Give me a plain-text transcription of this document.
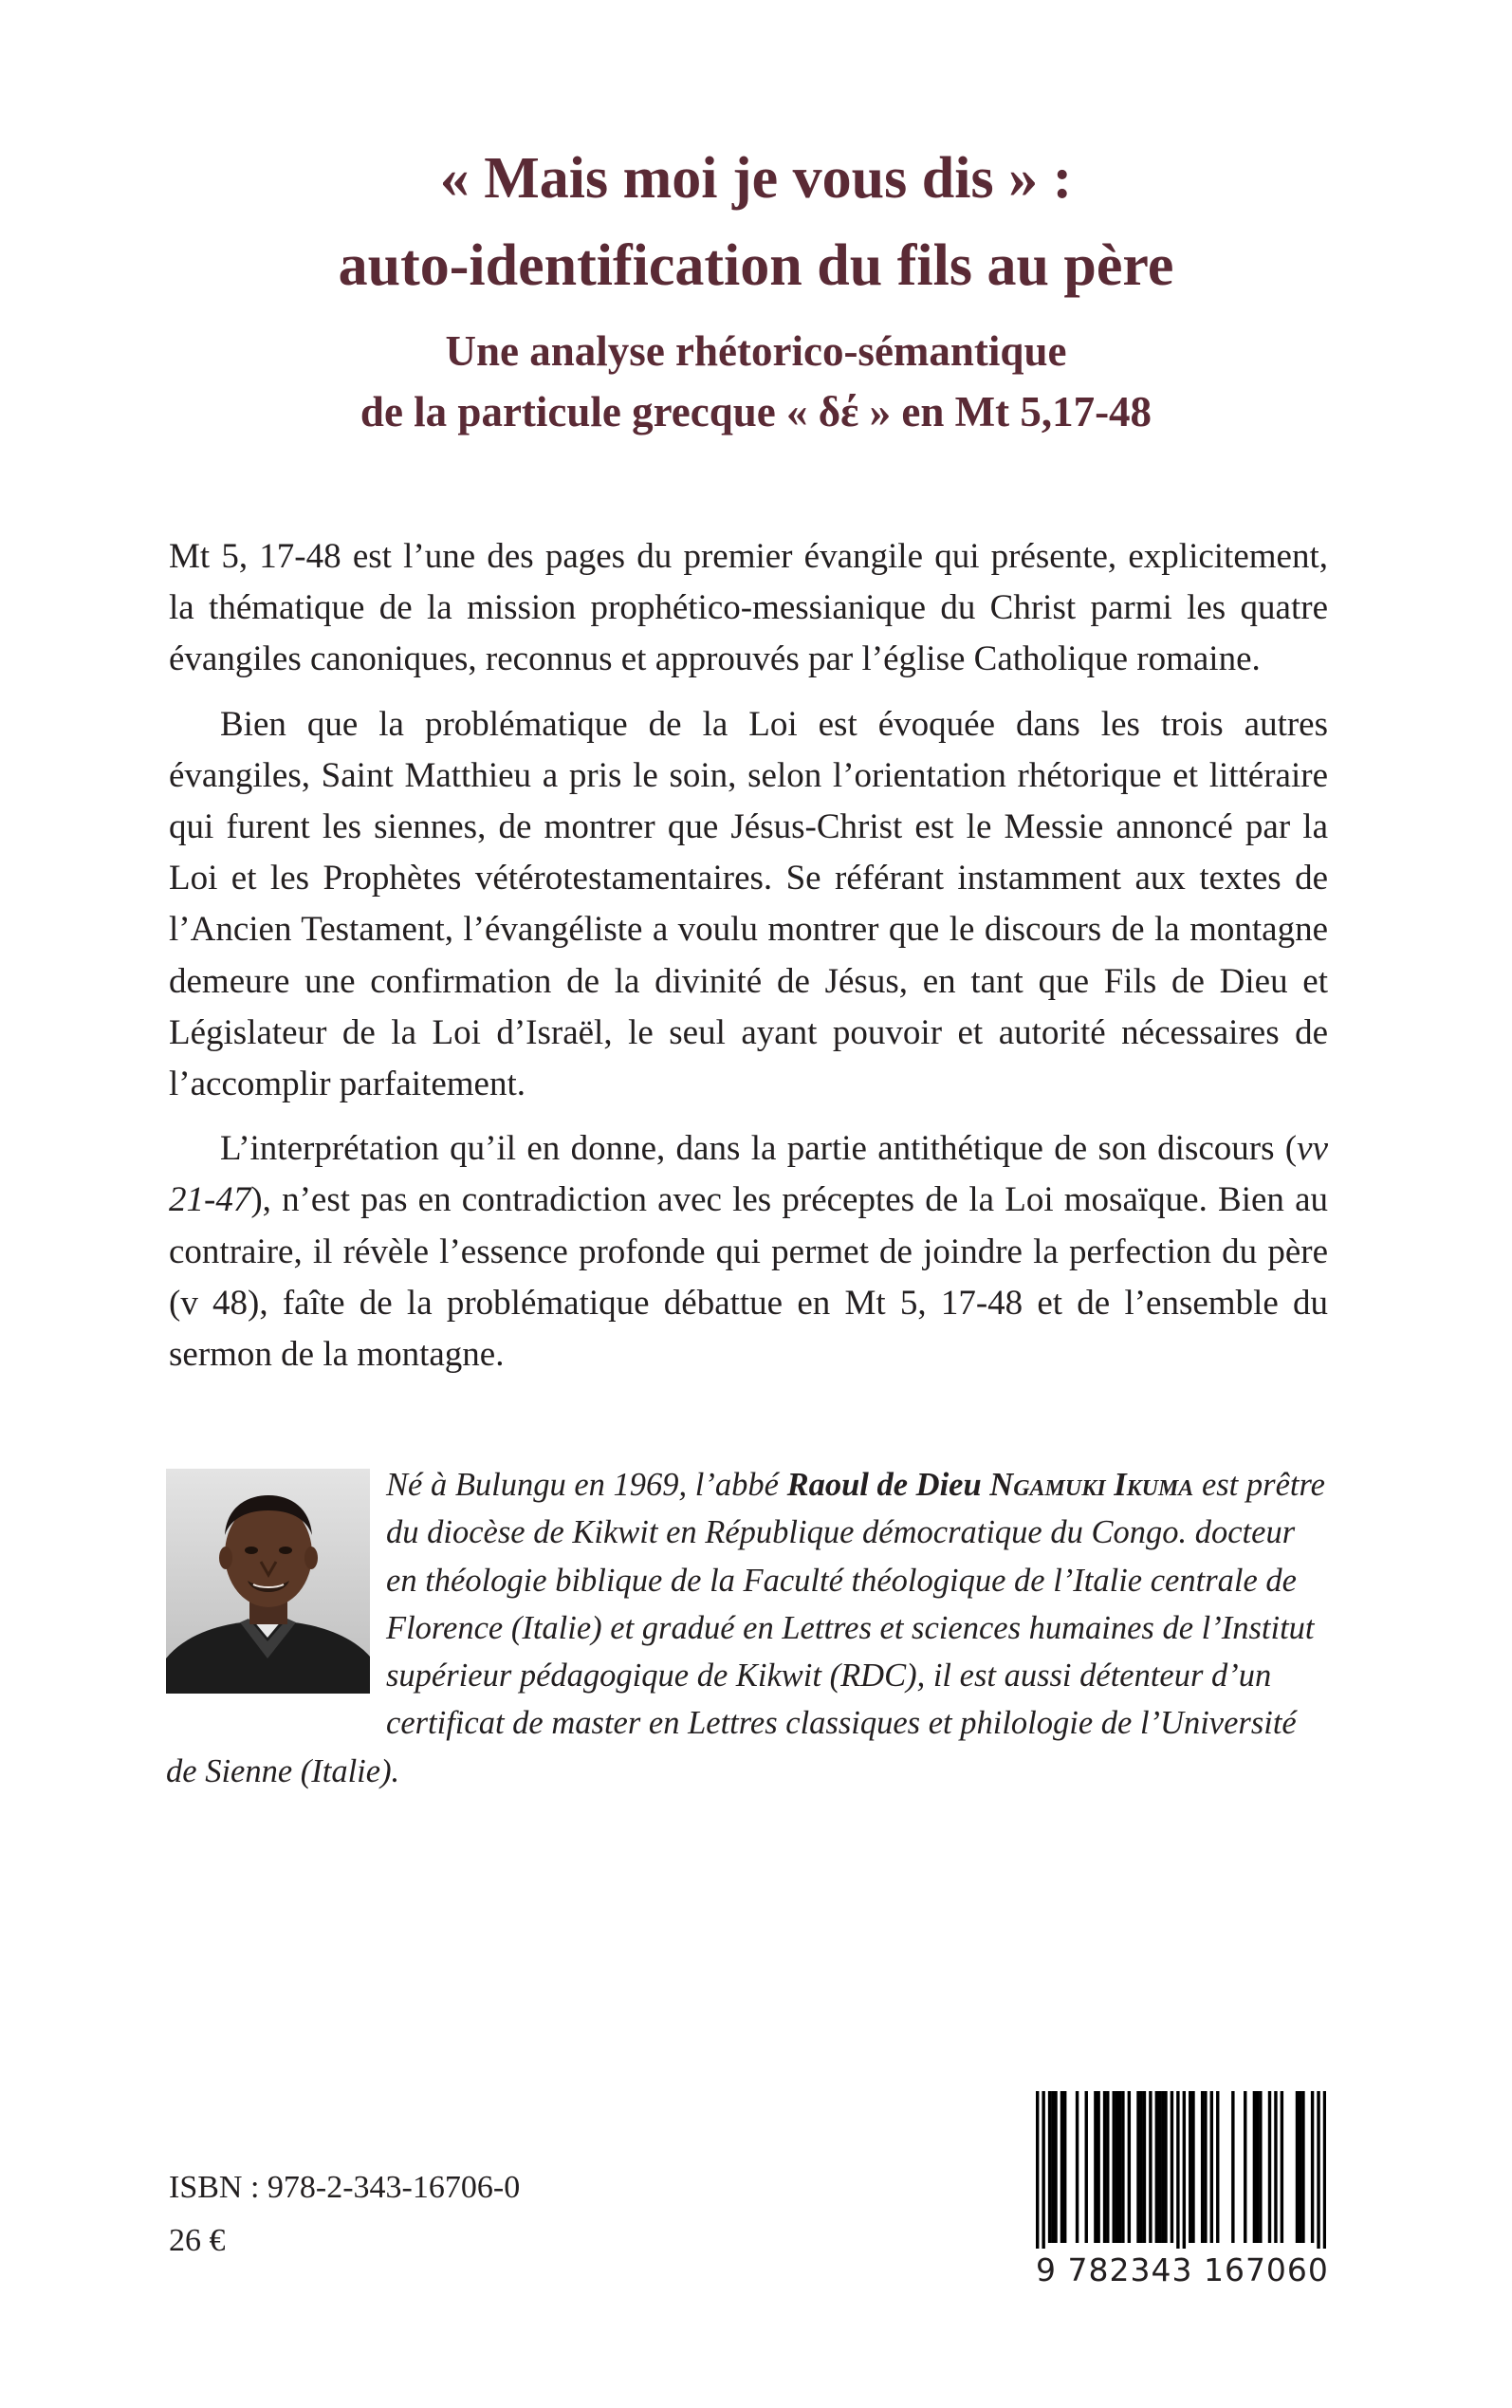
« Mais moi je vous dis » :
auto-identification du fils au père
Une analyse rhétorico-sémantique
de la particule grecque « δέ » en Mt 5,17-48

Mt 5, 17-48 est l’une des pages du premier évangile qui présente, explicitement, la thématique de la mission prophético-messianique du Christ parmi les quatre évangiles canoniques, reconnus et approuvés par l’église Catholique romaine.

Bien que la problématique de la Loi est évoquée dans les trois autres évangiles, Saint Matthieu a pris le soin, selon l’orientation rhétorique et littéraire qui furent les siennes, de montrer que Jésus-Christ est le Messie annoncé par la Loi et les Prophètes vétérotestamentaires. Se référant instamment aux textes de l’Ancien Testament, l’évangéliste a voulu montrer que le discours de la montagne demeure une confirmation de la divinité de Jésus, en tant que Fils de Dieu et Législateur de la Loi d’Israël, le seul ayant pouvoir et autorité nécessaires de l’accomplir parfaitement.

L’interprétation qu’il en donne, dans la partie antithétique de son discours (vv 21-47), n’est pas en contradiction avec les préceptes de la Loi mosaïque. Bien au contraire, il révèle l’essence profonde qui permet de joindre la perfection du père (v 48), faîte de la problématique débattue en Mt 5, 17-48 et de l’ensemble du sermon de la montagne.

Né à Bulungu en 1969, l’abbé Raoul de Dieu Ngamuki Ikuma est prêtre du diocèse de Kikwit en République démocratique du Congo. docteur en théologie biblique de la Faculté théologique de l’Italie centrale de Florence (Italie) et gradué en Lettres et sciences humaines de l’Institut supérieur pédagogique de Kikwit (RDC), il est aussi détenteur d’un certificat de master en Lettres classiques et philologie de l’Université de Sienne (Italie).

ISBN : 978-2-343-16706-0

26 €

9 782343 167060
